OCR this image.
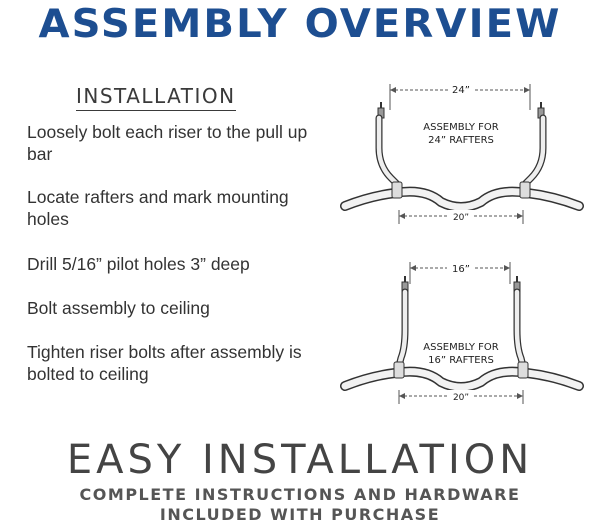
ASSEMBLY OVERVIEW
INSTALLATION
Loosely bolt each riser to the pull up bar
Locate rafters and mark mounting holes
Drill 5/16” pilot holes 3” deep
Bolt assembly to ceiling
Tighten riser bolts after assembly is bolted to ceiling
24”
ASSEMBLY FOR
24” RAFTERS
20”
16”
ASSEMBLY FOR
16” RAFTERS
20”
EASY INSTALLATION
COMPLETE INSTRUCTIONS AND HARDWARE
INCLUDED WITH PURCHASE
